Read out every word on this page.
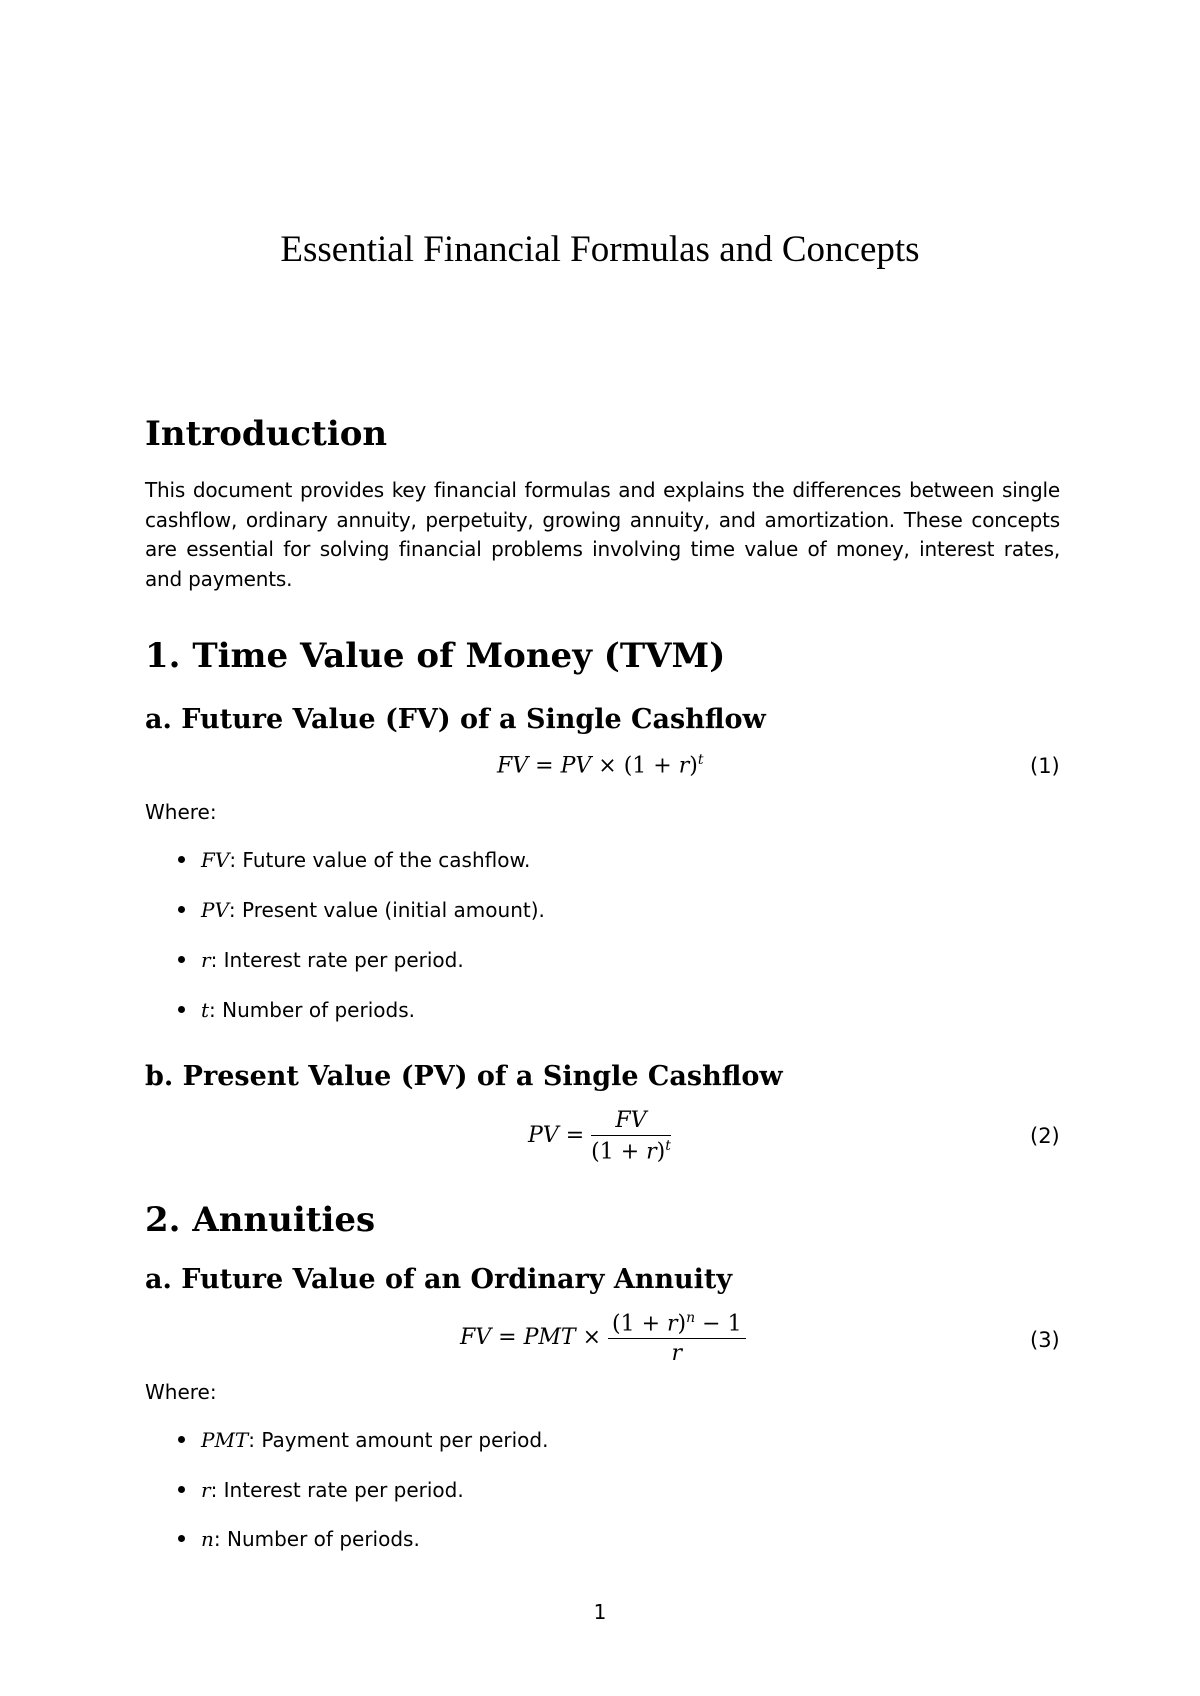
Essential Financial Formulas and Concepts
Introduction
This document provides key financial formulas and explains the differences between single cashflow, ordinary annuity, perpetuity, growing annuity, and amortization. These concepts are essential for solving financial problems involving time value of money, interest rates, and payments.
1. Time Value of Money (TVM)
a. Future Value (FV) of a Single Cashflow
FV = PV × $(1 + r)^t$	(1)
Where:
FV: Future value of the cashflow.
PV: Present value (initial amount).
r: Interest rate per period.
t: Number of periods.
b. Present Value (PV) of a Single Cashflow
PV = $\frac{FV}{(1 + r)^t}$	(2)
2. Annuities
a. Future Value of an Ordinary Annuity
FV = PMT × $\frac{(1 + r)^n - 1}{r}$	(3)
Where:
PMT: Payment amount per period.
r: Interest rate per period.
n: Number of periods.
1
